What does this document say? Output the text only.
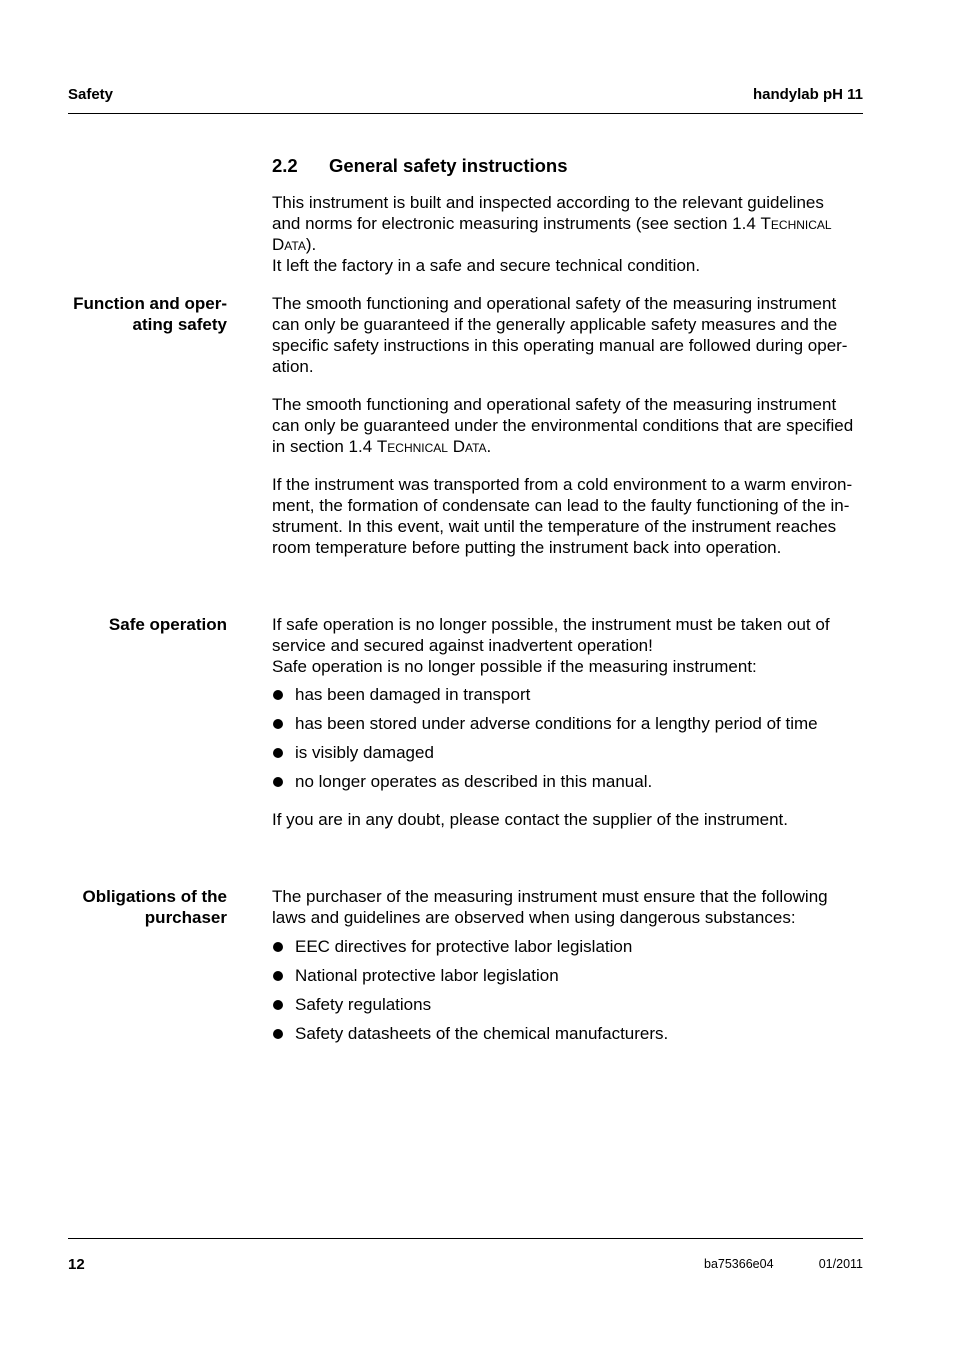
Safety	handylab pH 11
2.2 General safety instructions

This instrument is built and inspected according to the relevant guidelines

and norms for electronic measuring instruments (see section 1.4 Technical

Data).

It left the factory in a safe and secure technical condition.

Function and oper-
ating safety

The smooth functioning and operational safety of the measuring instrument

can only be guaranteed if the generally applicable safety measures and the

specific safety instructions in this operating manual are followed during oper-

ation.

The smooth functioning and operational safety of the measuring instrument

can only be guaranteed under the environmental conditions that are specified

in section 1.4 Technical Data.

If the instrument was transported from a cold environment to a warm environ-

ment, the formation of condensate can lead to the faulty functioning of the in-

strument. In this event, wait until the temperature of the instrument reaches

room temperature before putting the instrument back into operation.

Safe operation	If safe operation is no longer possible, the instrument must be taken out of

service and secured against inadvertent operation!

Safe operation is no longer possible if the measuring instrument:

has been damaged in transport
has been stored under adverse conditions for a lengthy period of time
is visibly damaged
no longer operates as described in this manual.

If you are in any doubt, please contact the supplier of the instrument.

Obligations of the
purchaser

The purchaser of the measuring instrument must ensure that the following

laws and guidelines are observed when using dangerous substances:

EEC directives for protective labor legislation
National protective labor legislation
Safety regulations
Safety datasheets of the chemical manufacturers.
12	ba75366e04	01/2011
